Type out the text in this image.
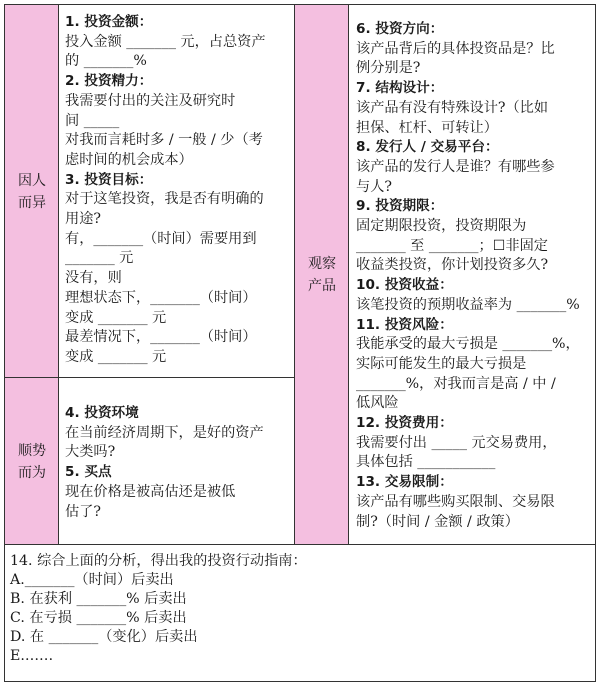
因人
而异
顺势
而为
观察
产品
1. 投资金额：
投入金额 _______ 元，占总资产
的 _______%
2. 投资精力：
我需要付出的关注及研究时
间 _____
对我而言耗时多 / 一般 / 少（考
虑时间的机会成本）
3. 投资目标：
对于这笔投资，我是否有明确的
用途?
有，_______（时间）需要用到
_______ 元
没有，则
理想状态下，_______（时间）
变成 _______ 元
最差情况下，_______（时间）
变成 _______ 元
4. 投资环境
在当前经济周期下，是好的资产
大类吗?
5. 买点
现在价格是被高估还是被低
估了?
6. 投资方向：
该产品背后的具体投资品是？比
例分别是?
7. 结构设计：
该产品有没有特殊设计?（比如
担保、杠杆、可转让）
8. 发行人 / 交易平台：
该产品的发行人是谁？有哪些参
与人?
9. 投资期限：
固定期限投资，投资期限为
_______ 至 _______；☐非固定
收益类投资，你计划投资多久?
10. 投资收益：
该笔投资的预期收益率为 _______%
11. 投资风险：
我能承受的最大亏损是 _______%，
实际可能发生的最大亏损是
_______%，对我而言是高 / 中 /
低风险
12. 投资费用：
我需要付出 _____ 元交易费用，
具体包括 ___________
13. 交易限制：
该产品有哪些购买限制、交易限
制?（时间 / 金额 / 政策）
14. 综合上面的分析，得出我的投资行动指南：
A._______（时间）后卖出
B. 在获利 _______% 后卖出
C. 在亏损 _______% 后卖出
D. 在 _______（变化）后卖出
E.……
